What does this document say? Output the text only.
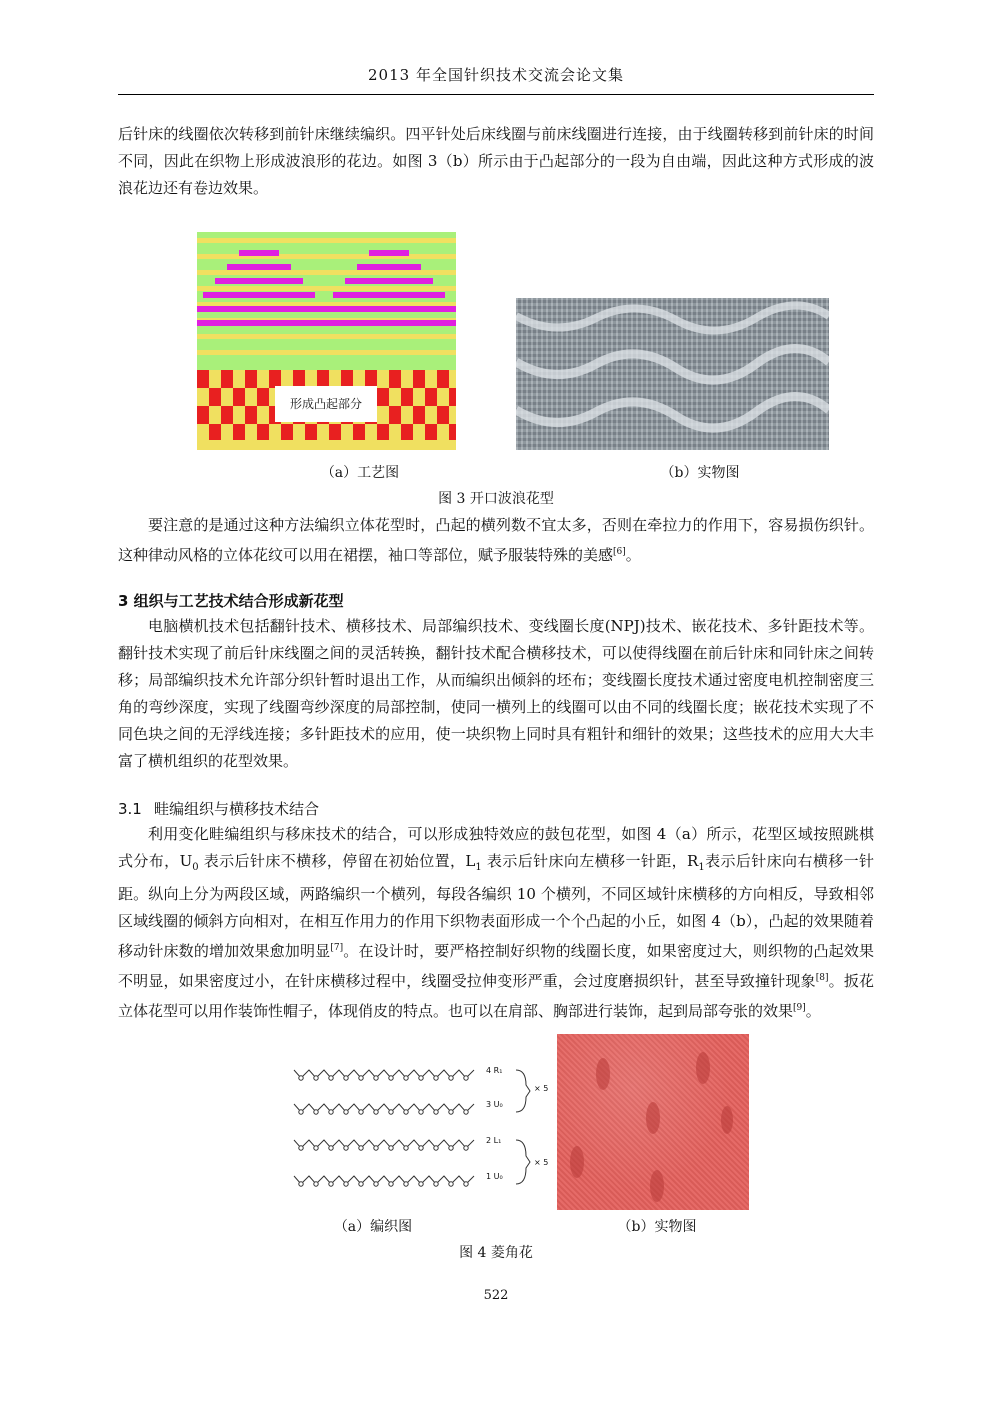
2013 年全国针织技术交流会论文集

后针床的线圈依次转移到前针床继续编织。四平针处后床线圈与前床线圈进行连接，由于线圈转移到前针床的时间不同，因此在织物上形成波浪形的花边。如图 3（b）所示由于凸起部分的一段为自由端，因此这种方式形成的波浪花边还有卷边效果。

形成凸起部分
（a）工艺图	（b）实物图
图 3 开口波浪花型

要注意的是通过这种方法编织立体花型时，凸起的横列数不宜太多，否则在牵拉力的作用下，容易损伤织针。这种律动风格的立体花纹可以用在裙摆，袖口等部位，赋予服装特殊的美感[6]。

3 组织与工艺技术结合形成新花型

电脑横机技术包括翻针技术、横移技术、局部编织技术、变线圈长度(NPJ)技术、嵌花技术、多针距技术等。翻针技术实现了前后针床线圈之间的灵活转换，翻针技术配合横移技术，可以使得线圈在前后针床和同针床之间转移；局部编织技术允许部分织针暂时退出工作，从而编织出倾斜的坯布；变线圈长度技术通过密度电机控制密度三角的弯纱深度，实现了线圈弯纱深度的局部控制，使同一横列上的线圈可以由不同的线圈长度；嵌花技术实现了不同色块之间的无浮线连接；多针距技术的应用，使一块织物上同时具有粗针和细针的效果；这些技术的应用大大丰富了横机组织的花型效果。

3.1 畦编组织与横移技术结合

利用变化畦编组织与移床技术的结合，可以形成独特效应的鼓包花型，如图 4（a）所示，花型区域按照跳棋式分布，$U_0$ 表示后针床不横移，停留在初始位置，$L_1$ 表示后针床向左横移一针距，$R_1$表示后针床向右横移一针距。纵向上分为两段区域，两路编织一个横列，每段各编织 10 个横列，不同区域针床横移的方向相反，导致相邻区域线圈的倾斜方向相对，在相互作用力的作用下织物表面形成一个个凸起的小丘，如图 4（b），凸起的效果随着移动针床数的增加效果愈加明显[7]。在设计时，要严格控制好织物的线圈长度，如果密度过大，则织物的凸起效果不明显，如果密度过小，在针床横移过程中，线圈受拉伸变形严重，会过度磨损织针，甚至导致撞针现象[8]。扳花立体花型可以用作装饰性帽子，体现俏皮的特点。也可以在肩部、胸部进行装饰，起到局部夸张的效果[9]。

4 R₁
3 U₀
2 L₁
1 U₀
× 5
× 5
（a）编织图	（b）实物图
图 4 菱角花
522
